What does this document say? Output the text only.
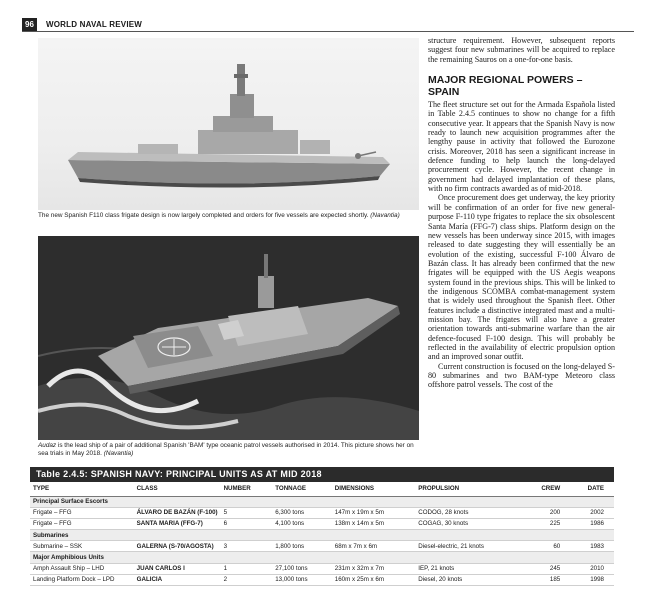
96	WORLD NAVAL REVIEW
The new Spanish F110 class frigate design is now largely completed and orders for five vessels are expected shortly. (Navantia)
Audaz is the lead ship of a pair of additional Spanish 'BAM' type oceanic patrol vessels authorised in 2014. This picture shows her on sea trials in May 2018. (Navantia)

structure requirement. However, subsequent reports suggest four new submarines will be acquired to replace the remaining Sauros on a one-for-one basis.

MAJOR REGIONAL POWERS – SPAIN

The fleet structure set out for the Armada Española listed in Table 2.4.5 continues to show no change for a fifth consecutive year. It appears that the Spanish Navy is now ready to launch new acquisition programmes after the lengthy pause in activity that followed the Eurozone crisis. Moreover, 2018 has seen a significant increase in defence funding to help launch the long-delayed procurement cycle. However, the recent change in government had delayed implantation of these plans, with no firm contracts awarded as of mid-2018.

Once procurement does get underway, the key priority will be confirmation of an order for five new general-purpose F-110 type frigates to replace the six obsolescent Santa María (FFG-7) class ships. Platform design on the new vessels has been underway since 2015, with images released to date suggesting they will essentially be an evolution of the existing, successful F-100 Álvaro de Bazán class. It has already been confirmed that the new frigates will be equipped with the US Aegis weapons system found in the previous ships. This will be linked to the indigenous SCOMBA combat-management system that is widely used throughout the Spanish fleet. Other features include a distinctive integrated mast and a multi-mission bay. The frigates will also have a greater orientation towards anti-submarine warfare than the air defence-focused F-100 design. This will probably be reflected in the availability of electric propulsion option and an improved sonar outfit.

Current construction is focused on the long-delayed S-80 submarines and two BAM-type Meteoro class offshore patrol vessels. The cost of the

Table 2.4.5: SPANISH NAVY: PRINCIPAL UNITS AS AT MID 2018
TYPE	CLASS	NUMBER	TONNAGE	DIMENSIONS	PROPULSION	CREW	DATE
Principal Surface Escorts							
Frigate – FFG	ÁLVARO DE BAZÁN (F-100)	5	6,300 tons	147m x 19m x 5m	CODOG, 28 knots	200	2002
Frigate – FFG	SANTA MARIA (FFG-7)	6	4,100 tons	138m x 14m x 5m	COGAG, 30 knots	225	1986
Submarines							
Submarine – SSK	GALERNA (S-70/AGOSTA)	3	1,800 tons	68m x 7m x 6m	Diesel-electric, 21 knots	60	1983
Major Amphibious Units							
Amph Assault Ship – LHD	JUAN CARLOS I	1	27,100 tons	231m x 32m x 7m	IEP, 21 knots	245	2010
Landing Platform Dock – LPD	GALICIA	2	13,000 tons	160m x 25m x 6m	Diesel, 20 knots	185	1998
